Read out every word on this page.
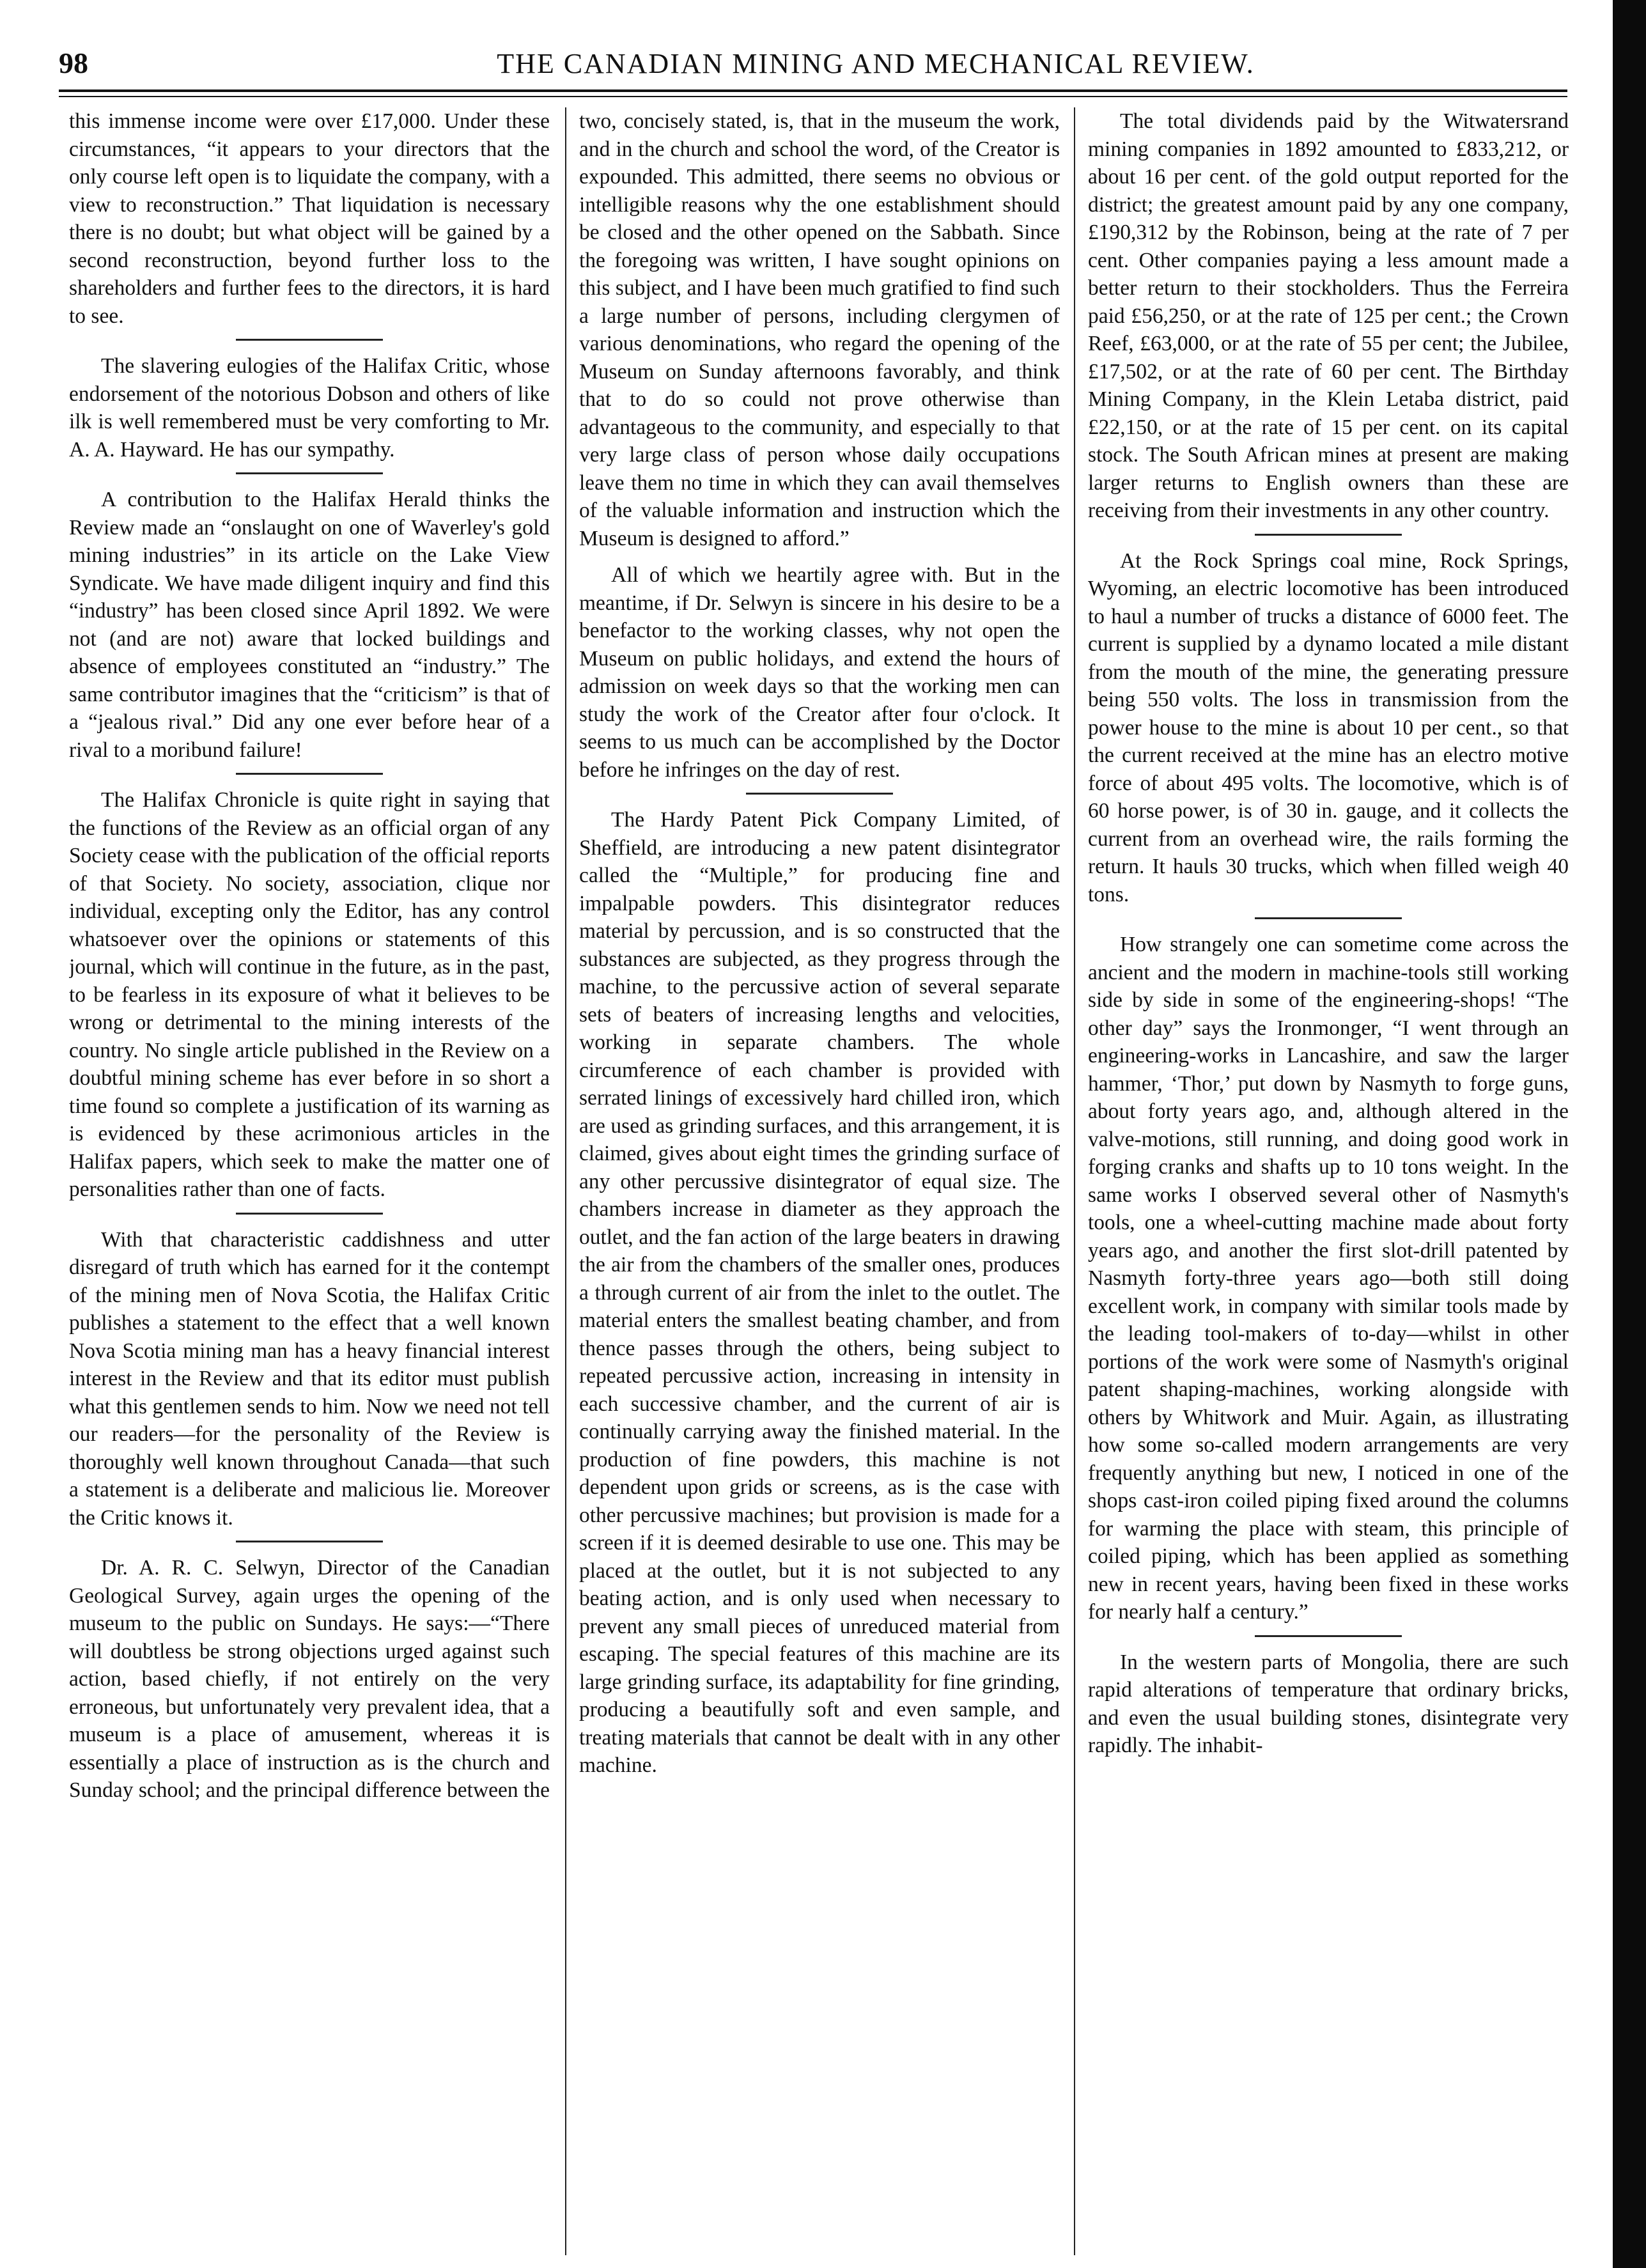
98	THE CANADIAN MINING AND MECHANICAL REVIEW.

this immense income were over £17,000. Under these circumstances, “it appears to your directors that the only course left open is to liquidate the company, with a view to reconstruction.” That liquidation is necessary there is no doubt; but what object will be gained by a second reconstruction, beyond further loss to the shareholders and further fees to the directors, it is hard to see.

The slavering eulogies of the Halifax Critic, whose endorsement of the notorious Dobson and others of like ilk is well remembered must be very comforting to Mr. A. A. Hayward. He has our sympathy.

A contribution to the Halifax Herald thinks the Review made an “onslaught on one of Waverley's gold mining industries” in its article on the Lake View Syndicate. We have made diligent inquiry and find this “industry” has been closed since April 1892. We were not (and are not) aware that locked buildings and absence of employees constituted an “industry.” The same contributor imagines that the “criticism” is that of a “jealous rival.” Did any one ever before hear of a rival to a moribund failure!

The Halifax Chronicle is quite right in saying that the functions of the Review as an official organ of any Society cease with the publication of the official reports of that Society. No society, association, clique nor individual, excepting only the Editor, has any control whatsoever over the opinions or statements of this journal, which will continue in the future, as in the past, to be fearless in its exposure of what it believes to be wrong or detrimental to the mining interests of the country. No single article published in the Review on a doubtful mining scheme has ever before in so short a time found so complete a justification of its warning as is evidenced by these acrimonious articles in the Halifax papers, which seek to make the matter one of personalities rather than one of facts.

With that characteristic caddishness and utter disregard of truth which has earned for it the contempt of the mining men of Nova Scotia, the Halifax Critic publishes a statement to the effect that a well known Nova Scotia mining man has a heavy financial interest interest in the Review and that its editor must publish what this gentlemen sends to him. Now we need not tell our readers—for the personality of the Review is thoroughly well known throughout Canada—that such a statement is a deliberate and malicious lie. Moreover the Critic knows it.

Dr. A. R. C. Selwyn, Director of the Canadian Geological Survey, again urges the opening of the museum to the public on Sundays. He says:—“There will doubtless be strong objections urged against such action, based chiefly, if not entirely on the very erroneous, but unfortunately very prevalent idea, that a museum is a place of amusement, whereas it is essentially a place of instruction as is the church and Sunday school; and the principal difference between the

two, concisely stated, is, that in the museum the work, and in the church and school the word, of the Creator is expounded. This admitted, there seems no obvious or intelligible reasons why the one establishment should be closed and the other opened on the Sabbath. Since the foregoing was written, I have sought opinions on this subject, and I have been much gratified to find such a large number of persons, including clergymen of various denominations, who regard the opening of the Museum on Sunday afternoons favorably, and think that to do so could not prove otherwise than advantageous to the community, and especially to that very large class of person whose daily occupations leave them no time in which they can avail themselves of the valuable information and instruction which the Museum is designed to afford.”

All of which we heartily agree with. But in the meantime, if Dr. Selwyn is sincere in his desire to be a benefactor to the working classes, why not open the Museum on public holidays, and extend the hours of admission on week days so that the working men can study the work of the Creator after four o'clock. It seems to us much can be accomplished by the Doctor before he infringes on the day of rest.

The Hardy Patent Pick Company Limited, of Sheffield, are introducing a new patent disintegrator called the “Multiple,” for producing fine and impalpable powders. This disintegrator reduces material by percussion, and is so constructed that the substances are subjected, as they progress through the machine, to the percussive action of several separate sets of beaters of increasing lengths and velocities, working in separate chambers. The whole circumference of each chamber is provided with serrated linings of excessively hard chilled iron, which are used as grinding surfaces, and this arrangement, it is claimed, gives about eight times the grinding surface of any other percussive disintegrator of equal size. The chambers increase in diameter as they approach the outlet, and the fan action of the large beaters in drawing the air from the chambers of the smaller ones, produces a through current of air from the inlet to the outlet. The material enters the smallest beating chamber, and from thence passes through the others, being subject to repeated percussive action, increasing in intensity in each successive chamber, and the current of air is continually carrying away the finished material. In the production of fine powders, this machine is not dependent upon grids or screens, as is the case with other percussive machines; but provision is made for a screen if it is deemed desirable to use one. This may be placed at the outlet, but it is not subjected to any beating action, and is only used when necessary to prevent any small pieces of unreduced material from escaping. The special features of this machine are its large grinding surface, its adaptability for fine grinding, producing a beautifully soft and even sample, and treating materials that cannot be dealt with in any other machine.

The total dividends paid by the Witwatersrand mining companies in 1892 amounted to £833,212, or about 16 per cent. of the gold output reported for the district; the greatest amount paid by any one company, £190,312 by the Robinson, being at the rate of 7 per cent. Other companies paying a less amount made a better return to their stockholders. Thus the Ferreira paid £56,250, or at the rate of 125 per cent.; the Crown Reef, £63,000, or at the rate of 55 per cent; the Jubilee, £17,502, or at the rate of 60 per cent. The Birthday Mining Company, in the Klein Letaba district, paid £22,150, or at the rate of 15 per cent. on its capital stock. The South African mines at present are making larger returns to English owners than these are receiving from their investments in any other country.

At the Rock Springs coal mine, Rock Springs, Wyoming, an electric locomotive has been introduced to haul a number of trucks a distance of 6000 feet. The current is supplied by a dynamo located a mile distant from the mouth of the mine, the generating pressure being 550 volts. The loss in transmission from the power house to the mine is about 10 per cent., so that the current received at the mine has an electro motive force of about 495 volts. The locomotive, which is of 60 horse power, is of 30 in. gauge, and it collects the current from an overhead wire, the rails forming the return. It hauls 30 trucks, which when filled weigh 40 tons.

How strangely one can sometime come across the ancient and the modern in machine-tools still working side by side in some of the engineering-shops! “The other day” says the Ironmonger, “I went through an engineering-works in Lancashire, and saw the larger hammer, ‘Thor,’ put down by Nasmyth to forge guns, about forty years ago, and, although altered in the valve-motions, still running, and doing good work in forging cranks and shafts up to 10 tons weight. In the same works I observed several other of Nasmyth's tools, one a wheel-cutting machine made about forty years ago, and another the first slot-drill patented by Nasmyth forty-three years ago—both still doing excellent work, in company with similar tools made by the leading tool-makers of to-day—whilst in other portions of the work were some of Nasmyth's original patent shaping-machines, working alongside with others by Whitwork and Muir. Again, as illustrating how some so-called modern arrangements are very frequently anything but new, I noticed in one of the shops cast-iron coiled piping fixed around the columns for warming the place with steam, this principle of coiled piping, which has been applied as something new in recent years, having been fixed in these works for nearly half a century.”

In the western parts of Mongolia, there are such rapid alterations of temperature that ordinary bricks, and even the usual building stones, disintegrate very rapidly. The inhabit-
